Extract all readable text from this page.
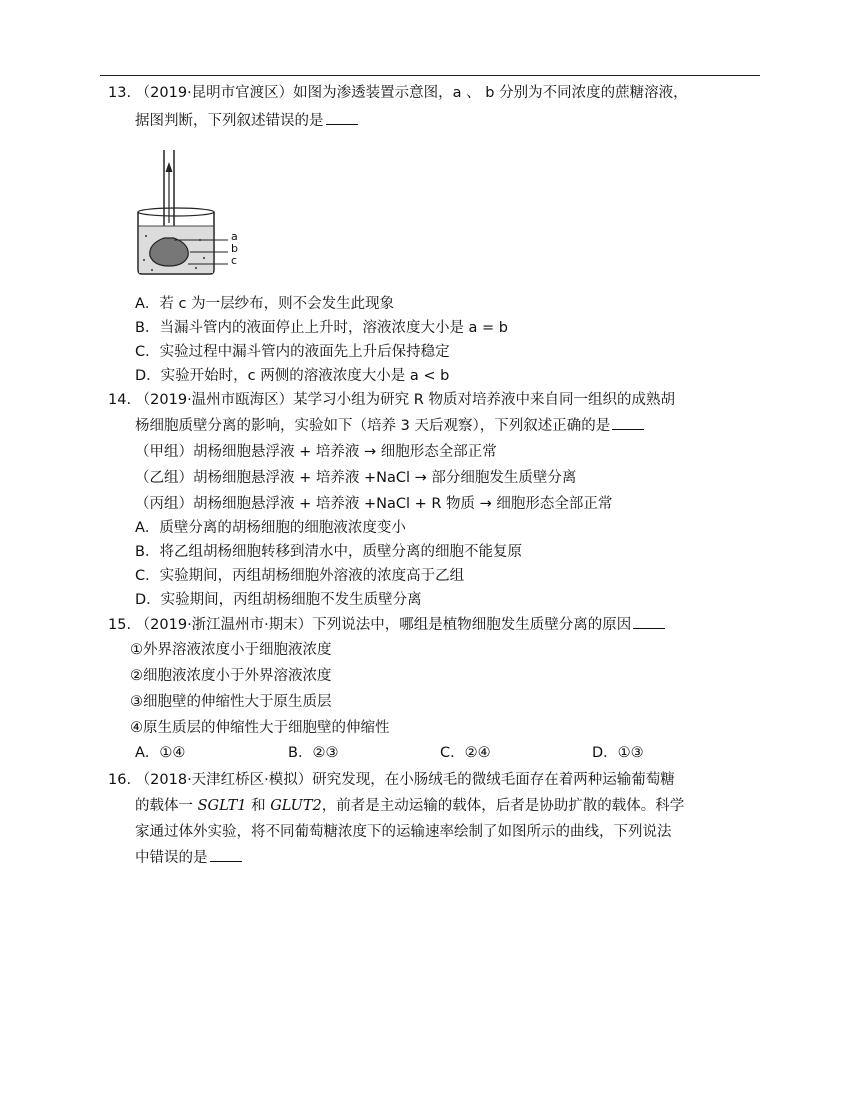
13. （2019·昆明市官渡区）如图为渗透装置示意图，a 、 b 分别为不同浓度的蔗糖溶液，
据图判断，下列叙述错误的是
a
b
c
A．若 c 为一层纱布，则不会发生此现象
B．当漏斗管内的液面停止上升时，溶液浓度大小是 a = b
C．实验过程中漏斗管内的液面先上升后保持稳定
D．实验开始时，c 两侧的溶液浓度大小是 a < b
14. （2019·温州市瓯海区）某学习小组为研究 R 物质对培养液中来自同一组织的成熟胡
杨细胞质壁分离的影响，实验如下（培养 3 天后观察），下列叙述正确的是
（甲组）胡杨细胞悬浮液 + 培养液 → 细胞形态全部正常
（乙组）胡杨细胞悬浮液 + 培养液 +NaCl → 部分细胞发生质壁分离
（丙组）胡杨细胞悬浮液 + 培养液 +NaCl + R 物质 → 细胞形态全部正常
A．质壁分离的胡杨细胞的细胞液浓度变小
B．将乙组胡杨细胞转移到清水中，质壁分离的细胞不能复原
C．实验期间，丙组胡杨细胞外溶液的浓度高于乙组
D．实验期间，丙组胡杨细胞不发生质壁分离
15. （2019·浙江温州市·期末）下列说法中，哪组是植物细胞发生质壁分离的原因
①外界溶液浓度小于细胞液浓度
②细胞液浓度小于外界溶液浓度
③细胞壁的伸缩性大于原生质层
④原生质层的伸缩性大于细胞壁的伸缩性
A．①④	B．②③	C．②④	D．①③
16. （2018·天津红桥区·模拟）研究发现，在小肠绒毛的微绒毛面存在着两种运输葡萄糖
的载体一 SGLT1 和 GLUT2，前者是主动运输的载体，后者是协助扩散的载体。科学
家通过体外实验，将不同葡萄糖浓度下的运输速率绘制了如图所示的曲线，下列说法
中错误的是
